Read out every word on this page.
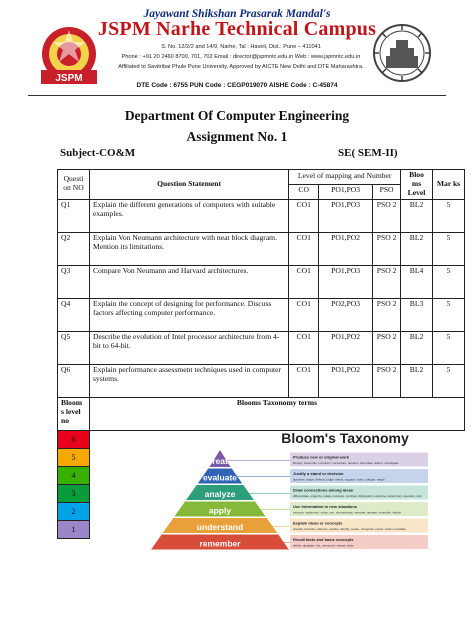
JSPM
Jayawant Shikshan Prasarak Mandal's
JSPM Narhe Technical Campus
S. No. 12/2/2 and 14/9, Narhe, Tal : Haveli, Dist.: Pune – 411041
Phone : +91 20 2460 8700, 701, 702 Email : director@jspmntc.edu.in Web : www.jspmntc.edu.in
Affiliated to Savitribai Phule Pune University, Approved by AICTE New Delhi and DTE Maharashtra.
DTE Code : 6755 PUN Code : CEGP019070 AISHE Code : C-45874
Department Of Computer Engineering
Assignment No. 1
Subject-CO&M	SE( SEM-II)
Questi on NO	Question Statement	Level of mapping and Number			Bloo ms Level	Mar ks
		CO	PO1,PO3	PSO		
Q1	Explain the different generations of computers with suitable examples.	CO1	PO1,PO3	PSO 2	BL2	5
Q2	Explain Von Neumann architecture with neat block diagram. Mention its limitations.	CO1	PO1,PO2	PSO 2	BL2	5
Q3	Compare Von Neumann and Harvard architectures.	CO1	PO1,PO3	PSO 2	BL4	5
Q4	Explain the concept of designing for performance. Discuss factors affecting computer performance.	CO1	PO2,PO3	PSO 2	BL3	5
Q5	Describe the evolution of Intel processor architecture from 4-bit to 64-bit.	CO1	PO1,PO2	PSO 2	BL2	5
Q6	Explain performance assessment techniques used in computer systems.	CO1	PO1,PO2	PSO 2	BL2	5
Bloom s level no	Blooms Taxonomy terms					
6						
5						
4						
3						
2						
1						
Bloom's Taxonomy
create	Produce new or original work
Design, assemble, construct, conjecture, develop, formulate, author, investigate
evaluate	Justify a stand or decision
appraise, argue, defend, judge, select, support, value, critique, weigh
analyze	Draw connections among ideas
differentiate, organize, relate, compare, contrast, distinguish, examine, experiment, question, test
apply	Use information in new situations
execute, implement, solve, use, demonstrate, interpret, operate, schedule, sketch
understand	Explain ideas or concepts
classify, describe, discuss, explain, identify, locate, recognize, report, select, translate
remember	Recall facts and basic concepts
define, duplicate, list, memorize, repeat, state
